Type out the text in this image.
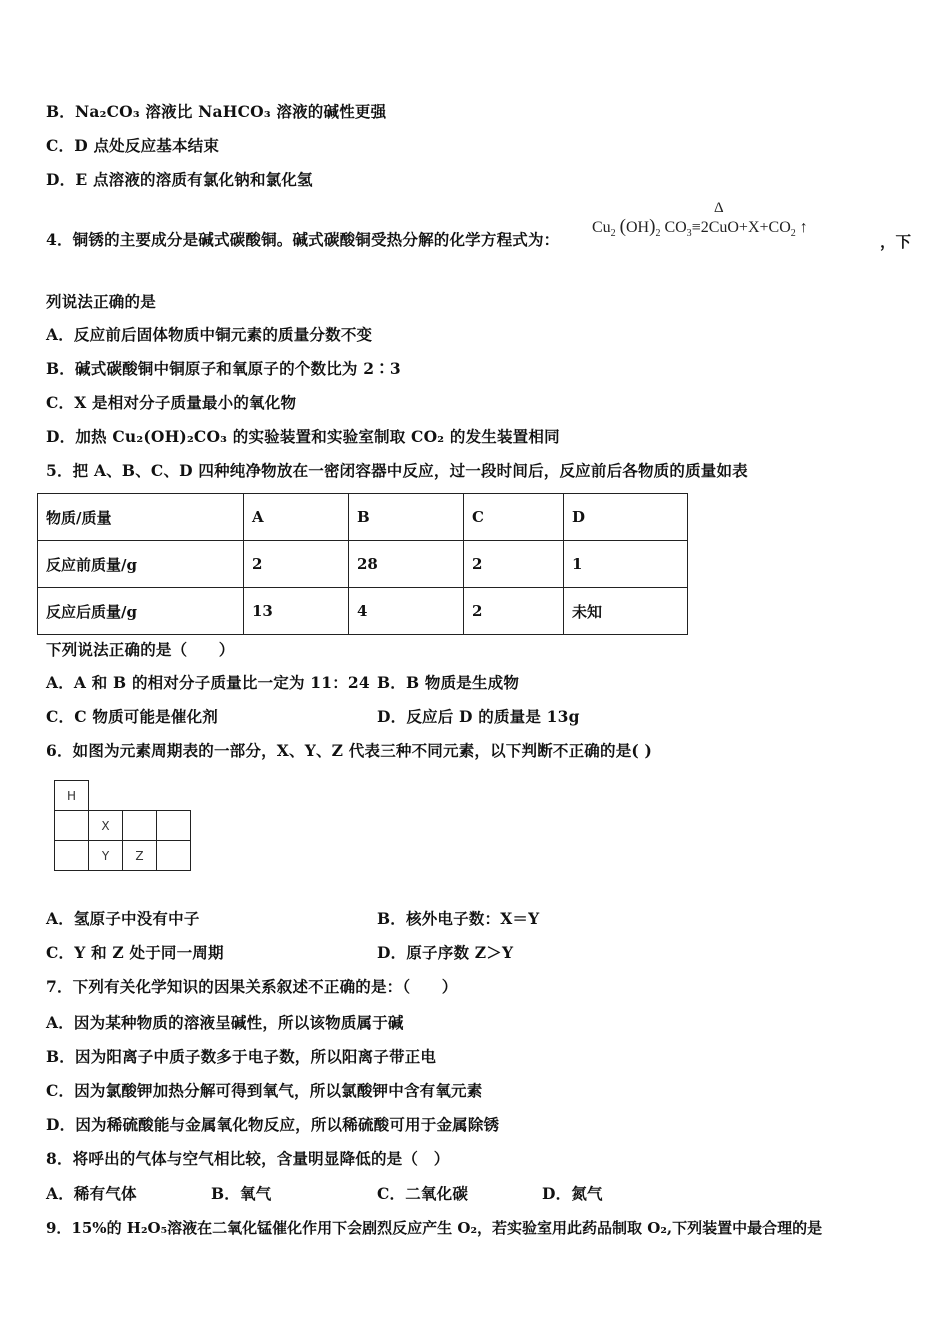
B．Na₂CO₃ 溶液比 NaHCO₃ 溶液的碱性更强
C．D 点处反应基本结束
D．E 点溶液的溶质有氯化钠和氯化氢
4．铜锈的主要成分是碱式碳酸铜。碱式碳酸铜受热分解的化学方程式为：
$Cu_2$ $(OH)_2$ $CO_3\equiv 2CuO+X+CO_2$ ↑
Δ
，下
列说法正确的是
A．反应前后固体物质中铜元素的质量分数不变
B．碱式碳酸铜中铜原子和氧原子的个数比为 2∶3
C．X 是相对分子质量最小的氧化物
D．加热 Cu₂(OH)₂CO₃ 的实验装置和实验室制取 CO₂ 的发生装置相同
5．把 A、B、C、D 四种纯净物放在一密闭容器中反应，过一段时间后，反应前后各物质的质量如表
物质/质量	A	B	C	D
反应前质量/g	2	28	2	1
反应后质量/g	13	4	2	未知
下列说法正确的是（　　）
A．A 和 B 的相对分子质量比一定为 11：24 B．B 物质是生成物
C．C 物质可能是催化剂	D．反应后 D 的质量是 13g
6．如图为元素周期表的一部分，X、Y、Z 代表三种不同元素，以下判断不正确的是( )
H			
	X		
	Y	Z	
A．氢原子中没有中子	B．核外电子数：X＝Y
C．Y 和 Z 处于同一周期	D．原子序数 Z＞Y
7．下列有关化学知识的因果关系叙述不正确的是：（　　）
A．因为某种物质的溶液呈碱性，所以该物质属于碱
B．因为阳离子中质子数多于电子数，所以阳离子带正电
C．因为氯酸钾加热分解可得到氧气，所以氯酸钾中含有氧元素
D．因为稀硫酸能与金属氧化物反应，所以稀硫酸可用于金属除锈
8．将呼出的气体与空气相比较，含量明显降低的是（　）
A．稀有气体	B．氧气	C．二氧化碳	D．氮气
9．15%的 H₂O₅溶液在二氧化锰催化作用下会剧烈反应产生 O₂，若实验室用此药品制取 O₂,下列装置中最合理的是
